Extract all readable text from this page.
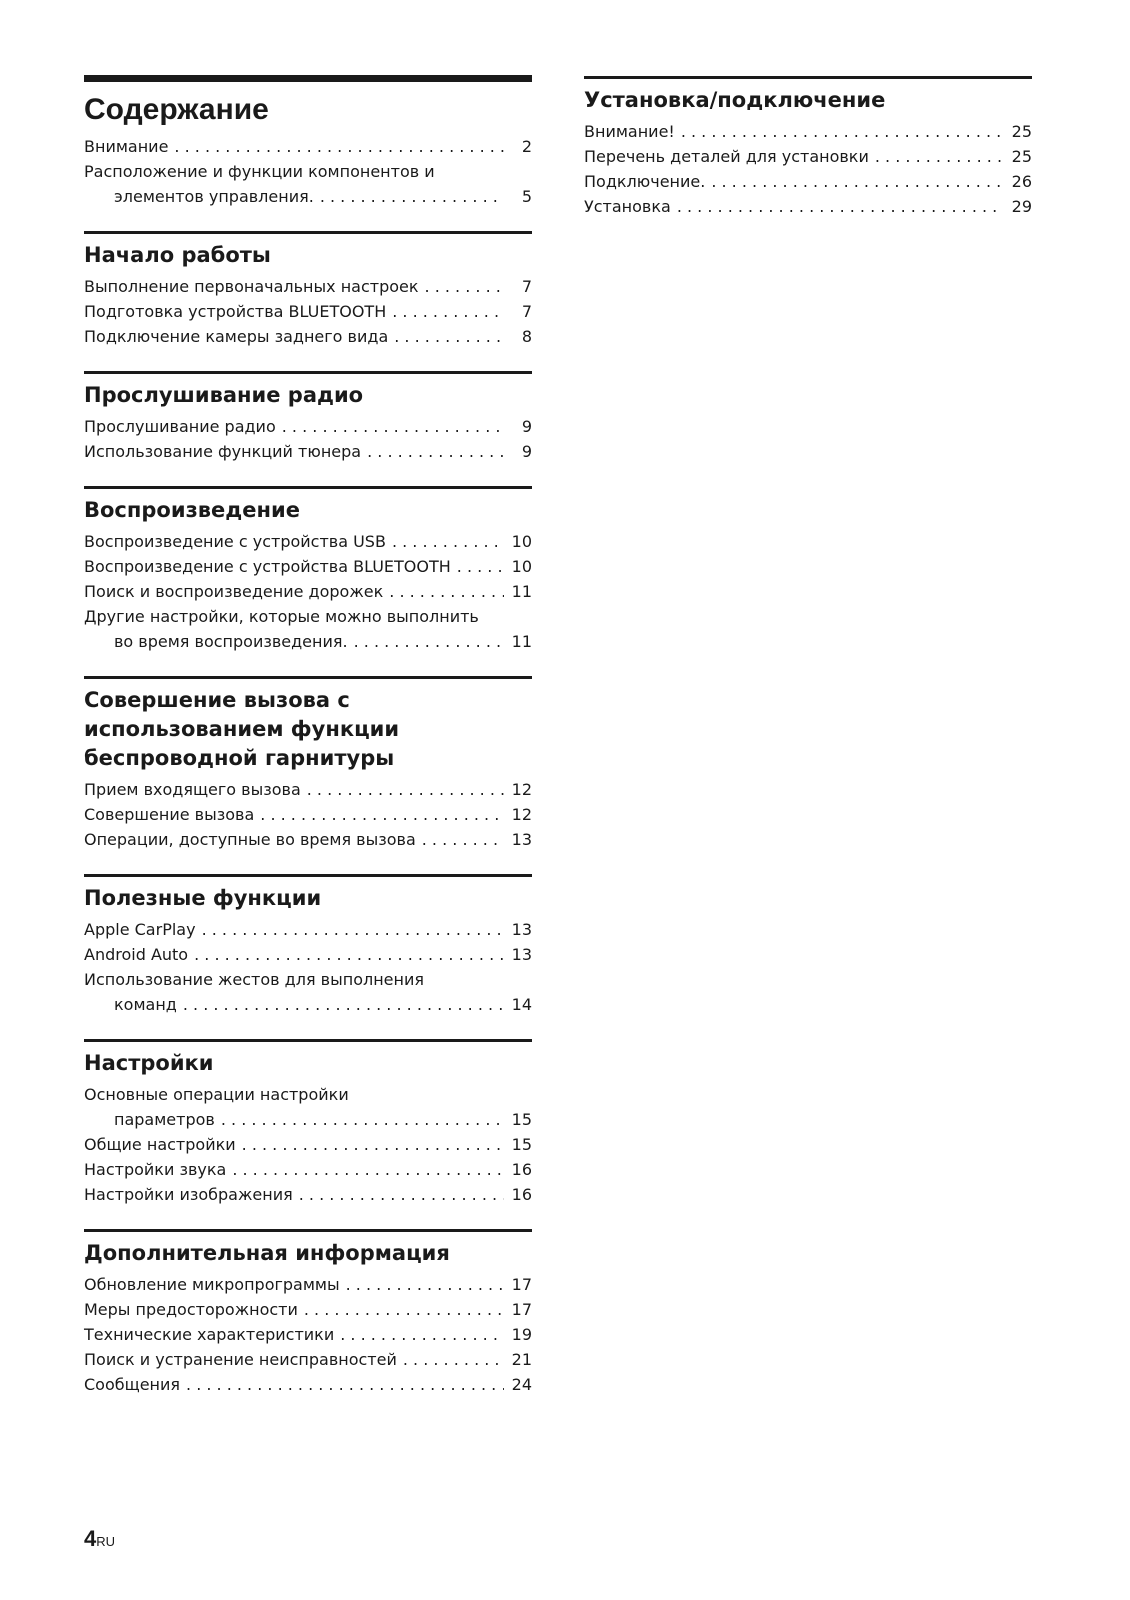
Содержание
Внимание . . .	2
Расположение и функции компонентов и
элементов управления. . . .	5
Начало работы
Выполнение первоначальных настроек . . .	7
Подготовка устройства BLUETOOTH . . .	7
Подключение камеры заднего вида . . .	8
Прослушивание радио
Прослушивание радио . . .	9
Использование функций тюнера . . .	9
Воспроизведение
Воспроизведение с устройства USB . . .	10
Воспроизведение с устройства BLUETOOTH . . .	10
Поиск и воспроизведение дорожек . . .	11
Другие настройки, которые можно выполнить
во время воспроизведения. . . .	11
Совершение вызова с использованием функции беспроводной гарнитуры
Прием входящего вызова . . .	12
Совершение вызова . . .	12
Операции, доступные во время вызова . . .	13
Полезные функции
Apple CarPlay . . .	13
Android Auto . . .	13
Использование жестов для выполнения
команд . . .	14
Настройки
Основные операции настройки
параметров . . .	15
Общие настройки . . .	15
Настройки звука . . .	16
Настройки изображения . . .	16
Дополнительная информация
Обновление микропрограммы . . .	17
Меры предосторожности . . .	17
Технические характеристики . . .	19
Поиск и устранение неисправностей . . .	21
Сообщения . . .	24
Установка/подключение
Внимание! . . .	25
Перечень деталей для установки . . .	25
Подключение. . . .	26
Установка . . .	29
4RU
